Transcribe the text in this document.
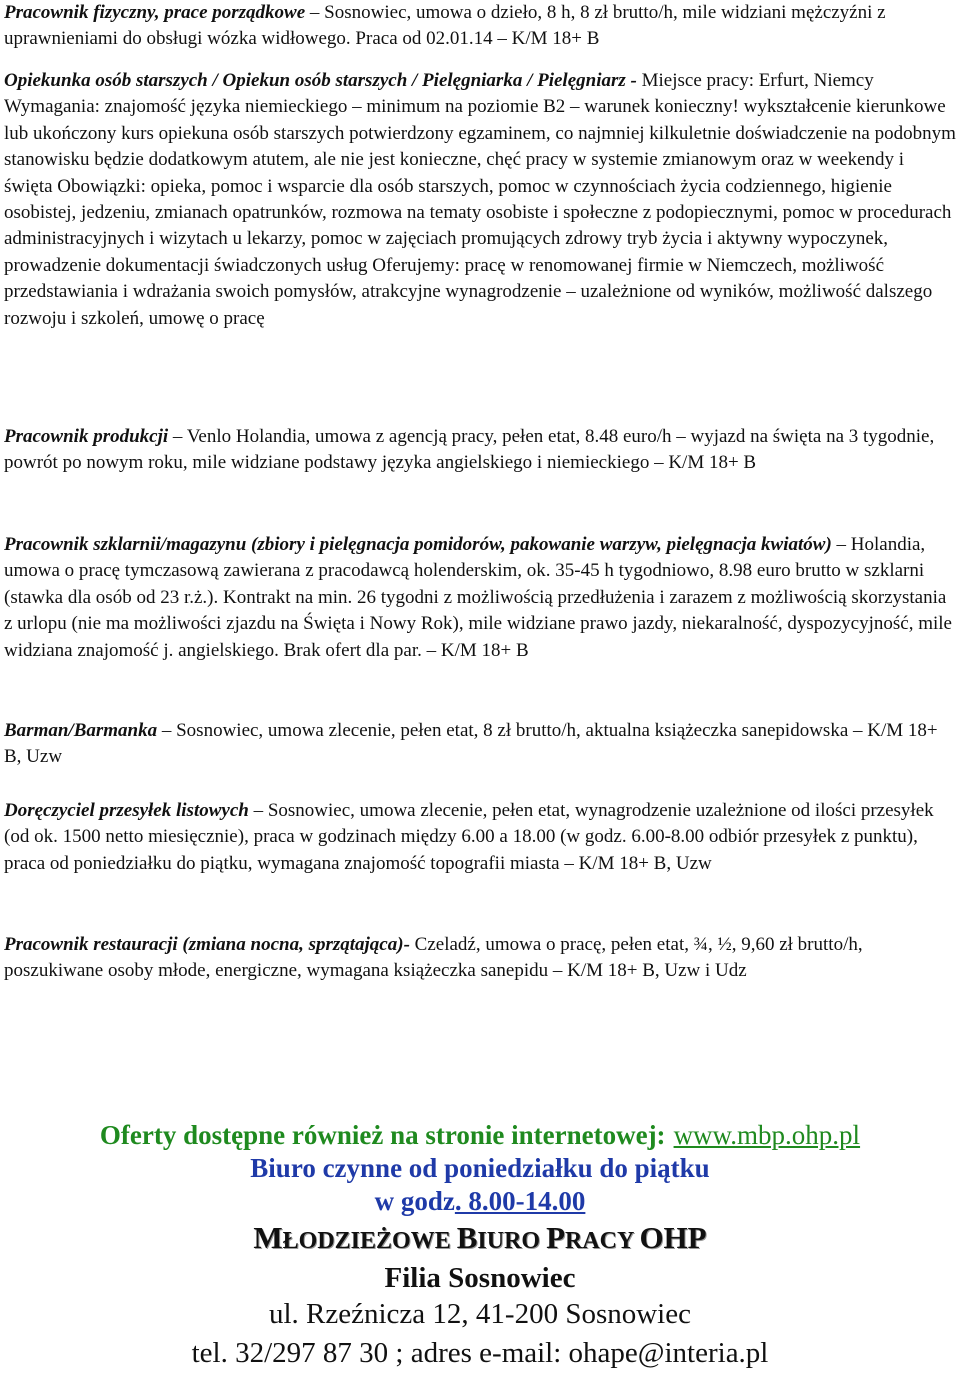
Pracownik fizyczny, prace porządkowe – Sosnowiec, umowa o dzieło, 8 h, 8 zł brutto/h, mile widziani mężczyźni z uprawnieniami do obsługi wózka widłowego. Praca od 02.01.14 – K/M 18+ B

Opiekunka osób starszych / Opiekun osób starszych / Pielęgniarka / Pielęgniarz - Miejsce pracy: Erfurt, Niemcy Wymagania: znajomość języka niemieckiego – minimum na poziomie B2 – warunek konieczny! wykształcenie kierunkowe lub ukończony kurs opiekuna osób starszych potwierdzony egzaminem, co najmniej kilkuletnie doświadczenie na podobnym stanowisku będzie dodatkowym atutem, ale nie jest konieczne, chęć pracy w systemie zmianowym oraz w weekendy i święta Obowiązki: opieka, pomoc i wsparcie dla osób starszych, pomoc w czynnościach życia codziennego, higienie osobistej, jedzeniu, zmianach opatrunków, rozmowa na tematy osobiste i społeczne z podopiecznymi, pomoc w procedurach administracyjnych i wizytach u lekarzy, pomoc w zajęciach promujących zdrowy tryb życia i aktywny wypoczynek, prowadzenie dokumentacji świadczonych usług Oferujemy: pracę w renomowanej firmie w Niemczech, możliwość przedstawiania i wdrażania swoich pomysłów, atrakcyjne wynagrodzenie – uzależnione od wyników, możliwość dalszego rozwoju i szkoleń, umowę o pracę

Pracownik produkcji – Venlo Holandia, umowa z agencją pracy, pełen etat, 8.48 euro/h – wyjazd na święta na 3 tygodnie, powrót po nowym roku, mile widziane podstawy języka angielskiego i niemieckiego – K/M 18+ B

Pracownik szklarnii/magazynu (zbiory i pielęgnacja pomidorów, pakowanie warzyw, pielęgnacja kwiatów) – Holandia, umowa o pracę tymczasową zawierana z pracodawcą holenderskim, ok. 35-45 h tygodniowo, 8.98 euro brutto w szklarni (stawka dla osób od 23 r.ż.). Kontrakt na min. 26 tygodni z możliwością przedłużenia i zarazem z możliwością skorzystania z urlopu (nie ma możliwości zjazdu na Święta i Nowy Rok), mile widziane prawo jazdy, niekaralność, dyspozycyjność, mile widziana znajomość j. angielskiego. Brak ofert dla par. – K/M 18+ B

Barman/Barmanka – Sosnowiec, umowa zlecenie, pełen etat, 8 zł brutto/h, aktualna książeczka sanepidowska – K/M 18+ B, Uzw

Doręczyciel przesyłek listowych – Sosnowiec, umowa zlecenie, pełen etat, wynagrodzenie uzależnione od ilości przesyłek (od ok. 1500 netto miesięcznie), praca w godzinach między 6.00 a 18.00 (w godz. 6.00-8.00 odbiór przesyłek z punktu), praca od poniedziałku do piątku, wymagana znajomość topografii miasta – K/M 18+ B, Uzw

Pracownik restauracji (zmiana nocna, sprzątająca)- Czeladź, umowa o pracę, pełen etat, ¾, ½, 9,60 zł brutto/h, poszukiwane osoby młode, energiczne, wymagana książeczka sanepidu – K/M 18+ B, Uzw i Udz

Oferty dostępne również na stronie internetowej: www.mbp.ohp.pl
Biuro czynne od poniedziałku do piątku
w godz. 8.00-14.00
MŁODZIEŻOWE BIURO PRACY OHP
Filia Sosnowiec
ul. Rzeźnicza 12, 41-200 Sosnowiec
tel. 32/297 87 30 ; adres e-mail: ohape@interia.pl
